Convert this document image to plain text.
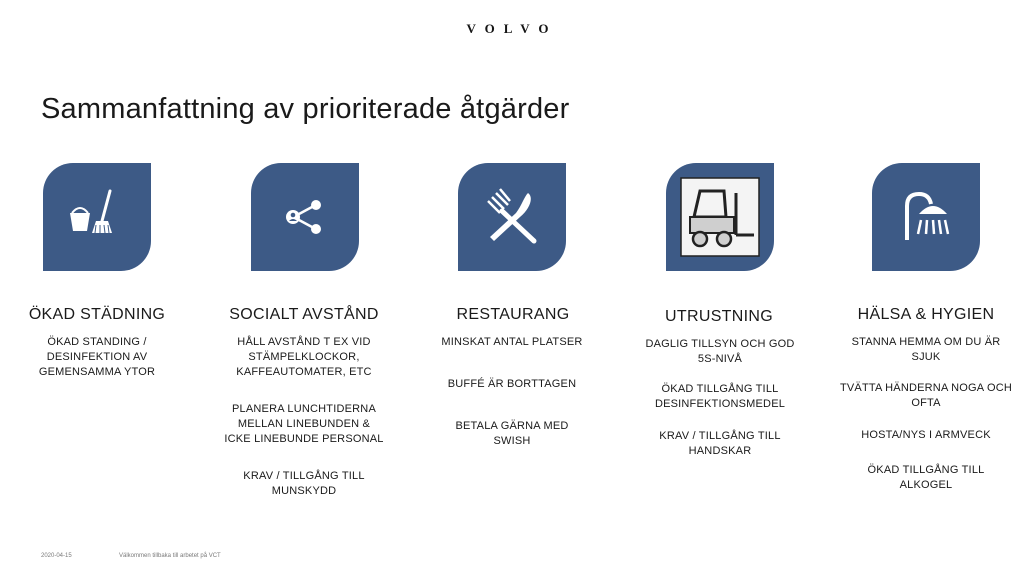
VOLVO
Sammanfattning av prioriterade åtgärder
ÖKAD STÄDNING	SOCIALT AVSTÅND	RESTAURANG	UTRUSTNING	HÄLSA & HYGIEN
ÖKAD STANDING / DESINFEKTION AV GEMENSAMMA YTOR
HÅLL AVSTÅND T EX VID STÄMPELKLOCKOR, KAFFEAUTOMATER, ETC
PLANERA LUNCHTIDERNA MELLAN LINEBUNDEN & ICKE LINEBUNDE PERSONAL
KRAV / TILLGÅNG TILL MUNSKYDD
MINSKAT ANTAL PLATSER
BUFFÉ ÄR BORTTAGEN
BETALA GÄRNA MED SWISH
DAGLIG TILLSYN OCH GOD 5S-NIVÅ
ÖKAD TILLGÅNG TILL DESINFEKTIONSMEDEL
KRAV / TILLGÅNG TILL HANDSKAR
STANNA HEMMA OM DU ÄR SJUK
TVÄTTA HÄNDERNA NOGA OCH OFTA
HOSTA/NYS I ARMVECK
ÖKAD TILLGÅNG TILL ALKOGEL
2020-04-15	Välkommen tillbaka till arbetet på VCT
